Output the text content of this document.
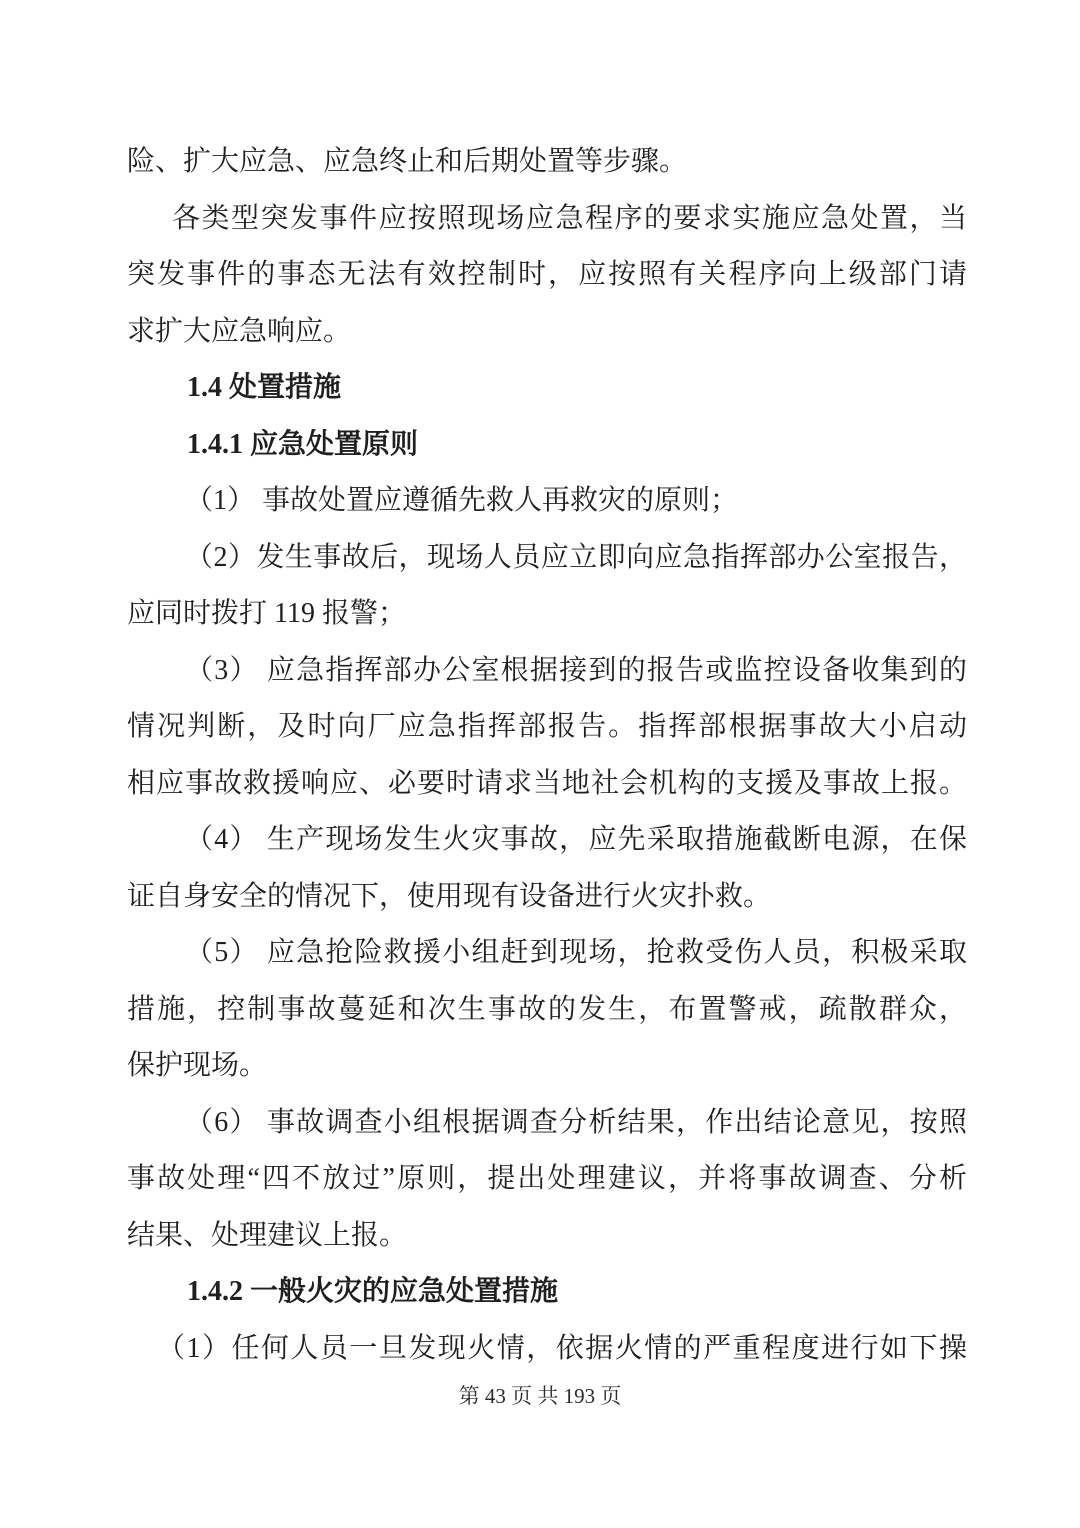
险、扩大应急、应急终止和后期处置等步骤。
各类型突发事件应按照现场应急程序的要求实施应急处置，当
突发事件的事态无法有效控制时，应按照有关程序向上级部门请
求扩大应急响应。
1.4 处置措施
1.4.1 应急处置原则
（1） 事故处置应遵循先救人再救灾的原则；
（2）发生事故后，现场人员应立即向应急指挥部办公室报告，
应同时拨打 119 报警；
（3） 应急指挥部办公室根据接到的报告或监控设备收集到的
情况判断，及时向厂应急指挥部报告。指挥部根据事故大小启动
相应事故救援响应、必要时请求当地社会机构的支援及事故上报。
（4） 生产现场发生火灾事故，应先采取措施截断电源，在保
证自身安全的情况下，使用现有设备进行火灾扑救。
（5） 应急抢险救援小组赶到现场，抢救受伤人员，积极采取
措施，控制事故蔓延和次生事故的发生，布置警戒，疏散群众，
保护现场。
（6） 事故调查小组根据调查分析结果，作出结论意见，按照
事故处理“四不放过”原则，提出处理建议，并将事故调查、分析
结果、处理建议上报。
1.4.2 一般火灾的应急处置措施
（1）任何人员一旦发现火情，依据火情的严重程度进行如下操
第 43 页 共 193 页
